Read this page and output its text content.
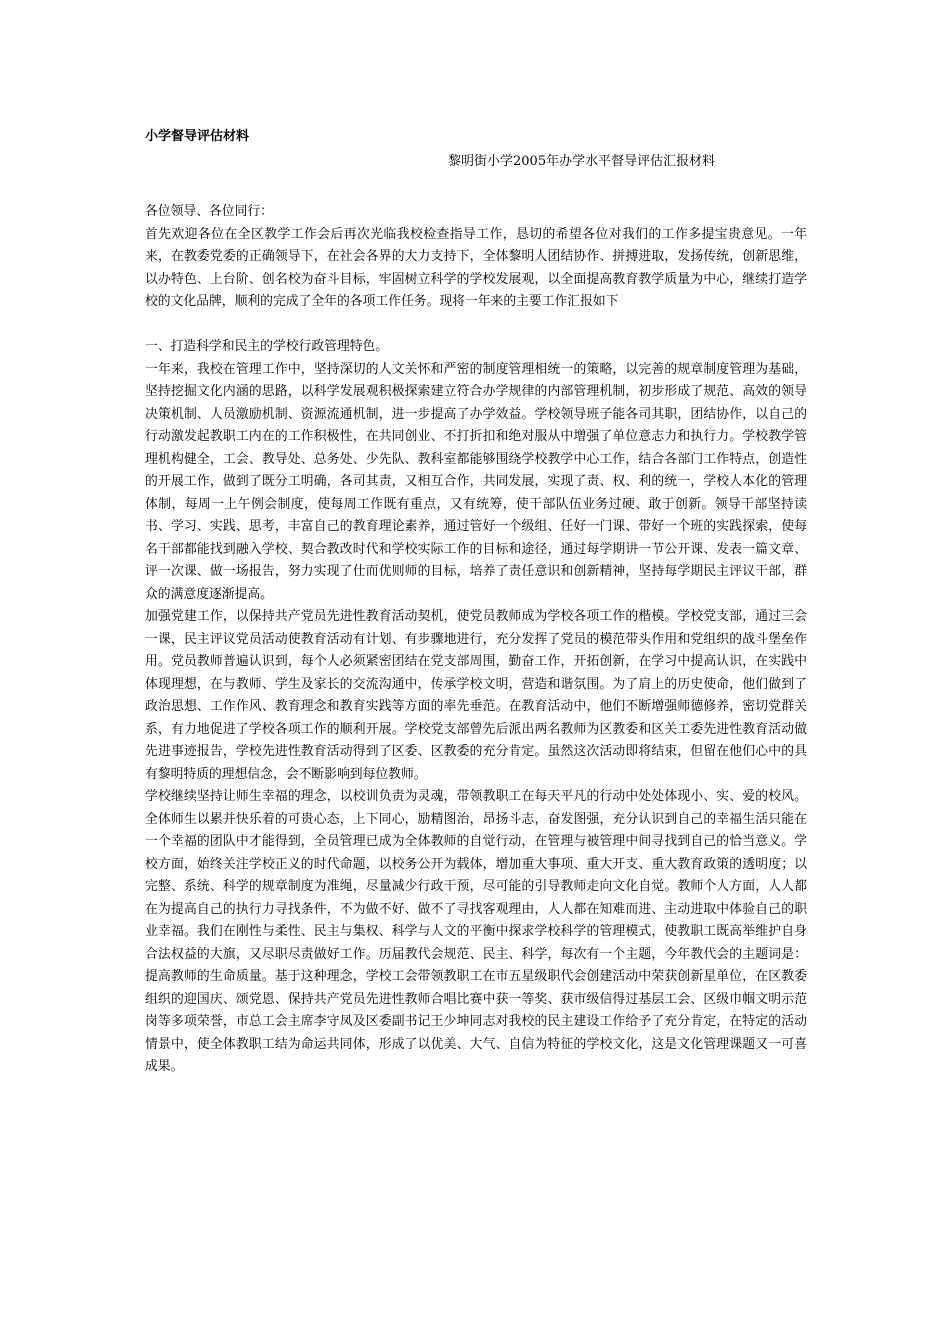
小学督导评估材料

黎明街小学2005年办学水平督导评估汇报材料

各位领导、各位同行：

首先欢迎各位在全区教学工作会后再次光临我校检查指导工作，恳切的希望各位对我们的工作多提宝贵意见。一年来，在教委党委的正确领导下，在社会各界的大力支持下，全体黎明人团结协作、拼搏进取，发扬传统，创新思维，以办特色、上台阶、创名校为奋斗目标，牢固树立科学的学校发展观，以全面提高教育教学质量为中心，继续打造学校的文化品牌，顺利的完成了全年的各项工作任务。现将一年来的主要工作汇报如下

一、打造科学和民主的学校行政管理特色。

一年来，我校在管理工作中，坚持深切的人文关怀和严密的制度管理相统一的策略，以完善的规章制度管理为基础，坚持挖掘文化内涵的思路，以科学发展观积极探索建立符合办学规律的内部管理机制，初步形成了规范、高效的领导决策机制、人员激励机制、资源流通机制，进一步提高了办学效益。学校领导班子能各司其职，团结协作，以自己的行动激发起教职工内在的工作积极性，在共同创业、不打折扣和绝对服从中增强了单位意志力和执行力。学校教学管理机构健全，工会、教导处、总务处、少先队、教科室都能够围绕学校教学中心工作，结合各部门工作特点，创造性的开展工作，做到了既分工明确，各司其责，又相互合作，共同发展，实现了责、权、利的统一，学校人本化的管理体制，每周一上午例会制度，使每周工作既有重点，又有统筹，使干部队伍业务过硬、敢于创新。领导干部坚持读书、学习、实践、思考，丰富自己的教育理论素养，通过管好一个级组、任好一门课、带好一个班的实践探索，使每名干部都能找到融入学校、契合教改时代和学校实际工作的目标和途径，通过每学期讲一节公开课、发表一篇文章、评一次课、做一场报告，努力实现了仕而优则师的目标，培养了责任意识和创新精神，坚持每学期民主评议干部，群众的满意度逐渐提高。

加强党建工作，以保持共产党员先进性教育活动契机，使党员教师成为学校各项工作的楷模。学校党支部，通过三会一课，民主评议党员活动使教育活动有计划、有步骤地进行，充分发挥了党员的模范带头作用和党组织的战斗堡垒作用。党员教师普遍认识到，每个人必须紧密团结在党支部周围，勤奋工作，开拓创新，在学习中提高认识，在实践中体现理想，在与教师、学生及家长的交流沟通中，传承学校文明，营造和谐氛围。为了肩上的历史使命，他们做到了政治思想、工作作风、教育理念和教育实践等方面的率先垂范。在教育活动中，他们不断增强师德修养，密切党群关系，有力地促进了学校各项工作的顺利开展。学校党支部曾先后派出两名教师为区教委和区关工委先进性教育活动做先进事迹报告，学校先进性教育活动得到了区委、区教委的充分肯定。虽然这次活动即将结束，但留在他们心中的具有黎明特质的理想信念，会不断影响到每位教师。

学校继续坚持让师生幸福的理念，以校训负责为灵魂，带领教职工在每天平凡的行动中处处体现小、实、爱的校风。全体师生以累并快乐着的可贵心态，上下同心，励精图治，昂扬斗志，奋发图强，充分认识到自己的幸福生活只能在一个幸福的团队中才能得到，全员管理已成为全体教师的自觉行动，在管理与被管理中间寻找到自己的恰当意义。学校方面，始终关注学校正义的时代命题，以校务公开为载体，增加重大事项、重大开支、重大教育政策的透明度；以完整、系统、科学的规章制度为准绳，尽量减少行政干预，尽可能的引导教师走向文化自觉。教师个人方面，人人都在为提高自己的执行力寻找条件，不为做不好、做不了寻找客观理由，人人都在知难而进、主动进取中体验自己的职业幸福。我们在刚性与柔性、民主与集权、科学与人文的平衡中探求学校科学的管理模式，使教职工既高举维护自身合法权益的大旗，又尽职尽责做好工作。历届教代会规范、民主、科学，每次有一个主题，今年教代会的主题词是：提高教师的生命质量。基于这种理念，学校工会带领教职工在市五星级职代会创建活动中荣获创新星单位，在区教委组织的迎国庆、颂党恩、保持共产党员先进性教师合唱比赛中获一等奖、获市级信得过基层工会、区级巾帼文明示范岗等多项荣誉，市总工会主席李守凤及区委副书记王少坤同志对我校的民主建设工作给予了充分肯定，在特定的活动情景中，使全体教职工结为命运共同体，形成了以优美、大气、自信为特征的学校文化，这是文化管理课题又一可喜成果。
